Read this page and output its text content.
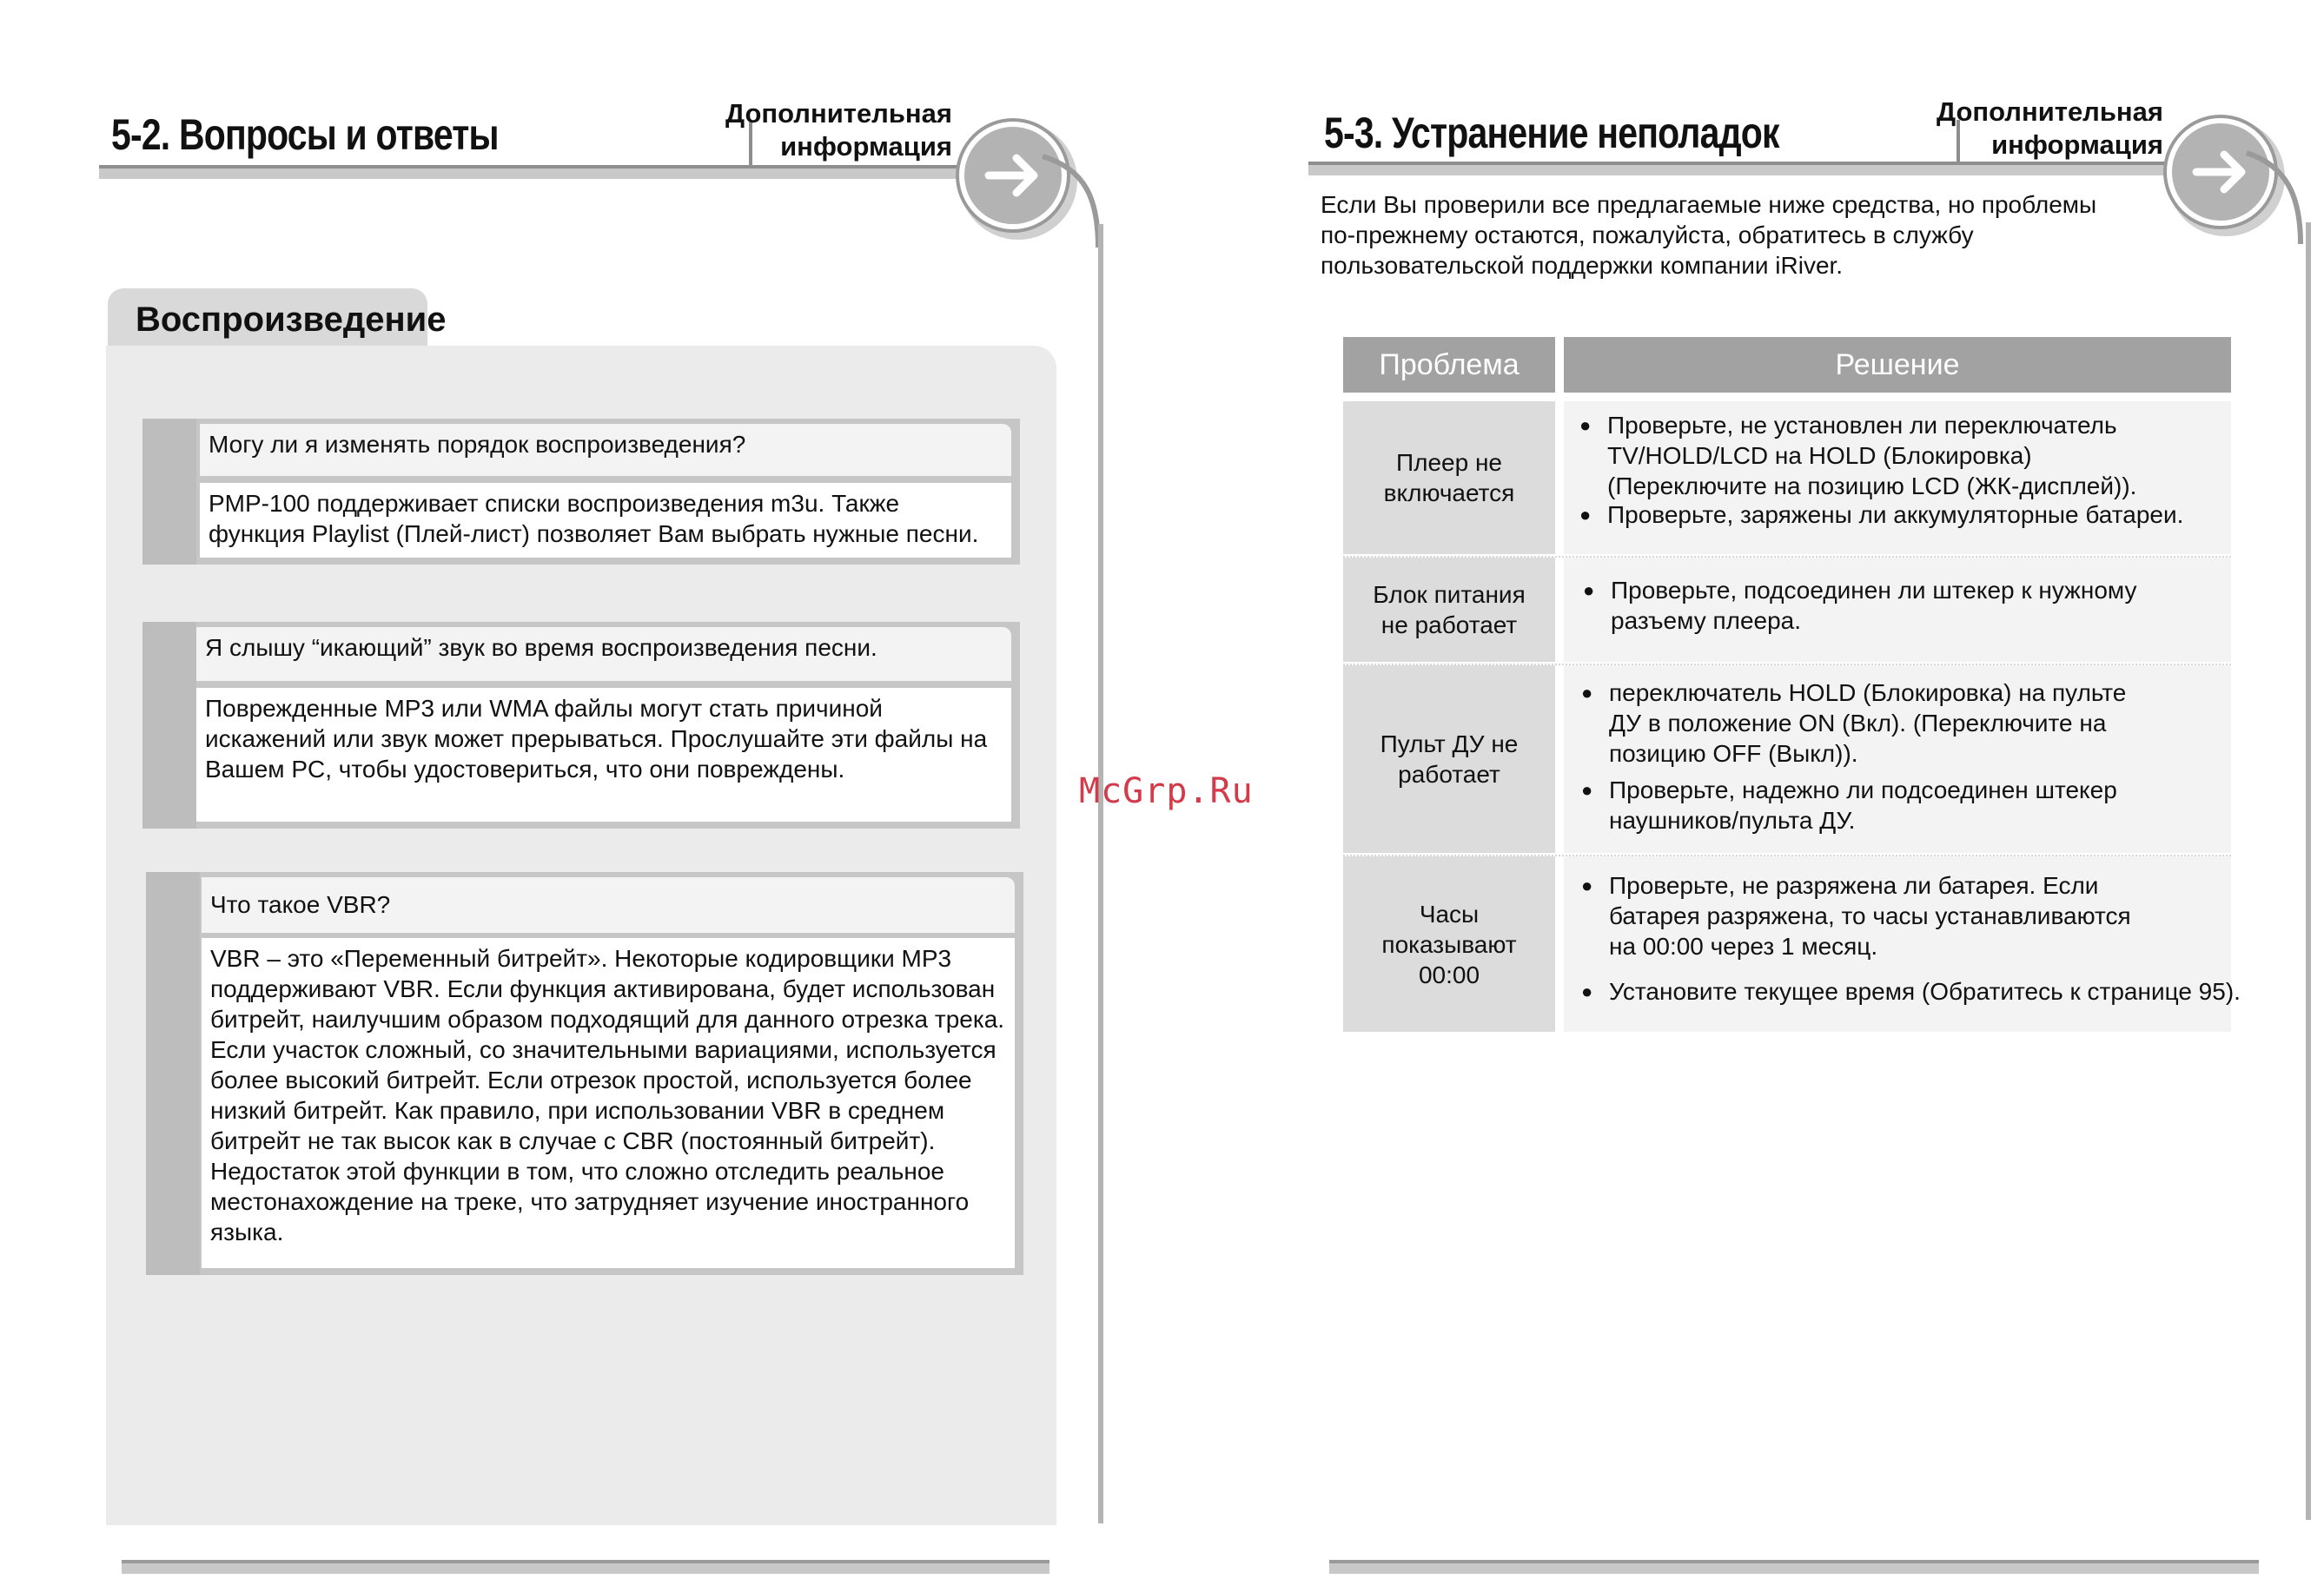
5-2. Вопросы и ответы	Дополнительная
информация
Воспроизведение
Могу ли я изменять порядок воспроизведения?
PMP-100 поддерживает списки воспроизведения m3u. Также функция Playlist (Плей-лист) позволяет Вам выбрать нужные песни.
Я слышу “икающий” звук во время воспроизведения песни.
Поврежденные MP3 или WMA файлы могут стать причиной искажений или звук может прерываться. Прослушайте эти файлы на Вашем PC, чтобы удостовериться, что они повреждены.
Что такое VBR?
VBR – это «Переменный битрейт». Некоторые кодировщики MP3 поддерживают VBR. Если функция активирована, будет использован битрейт, наилучшим образом подходящий для данного отрезка трека. Если участок сложный, со значительными вариациями, используется более высокий битрейт. Если отрезок простой, используется более низкий битрейт. Как правило, при использовании VBR в среднем битрейт не так высок как в случае с CBR (постоянный битрейт). Недостаток этой функции в том, что сложно отследить реальное местонахождение на треке, что затрудняет изучение иностранного языка.
McGrp.Ru
5-3. Устранение неполадок	Дополнительная
информация
Если Вы проверили все предлагаемые ниже средства, но проблемы
по-прежнему остаются, пожалуйста, обратитесь в службу
пользовательской поддержки компании iRiver.
Проблема	Решение
Плеер не
включается
● Проверьте, не установлен ли переключатель
TV/HOLD/LCD на HOLD (Блокировка)
(Переключите на позицию LCD (ЖК-дисплей)).
● Проверьте, заряжены ли аккумуляторные батареи.
Блок питания
не работает
● Проверьте, подсоединен ли штекер к нужному
разъему плеера.
Пульт ДУ не
работает
● переключатель HOLD (Блокировка) на пульте
ДУ в положение ON (Вкл). (Переключите на
позицию OFF (Выкл)).
● Проверьте, надежно ли подсоединен штекер
наушников/пульта ДУ.
Часы
показывают
00:00
● Проверьте, не разряжена ли батарея. Если
батарея разряжена, то часы устанавливаются
на 00:00 через 1 месяц.
● Установите текущее время (Обратитесь к странице 95).
